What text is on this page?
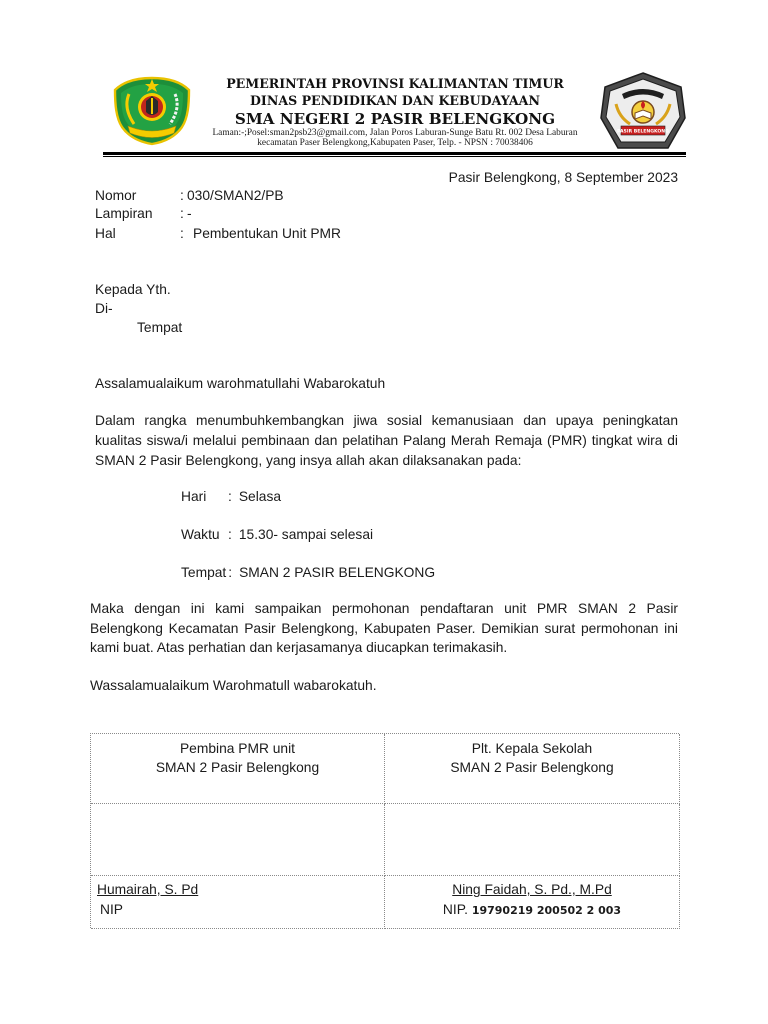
PEMERINTAH PROVINSI KALIMANTAN TIMUR
DINAS PENDIDIKAN DAN KEBUDAYAAN
SMA NEGERI 2 PASIR BELENGKONG
Laman:-;Posel:sman2psb23@gmail.com, Jalan Poros Laburan-Sunge Batu Rt. 002 Desa Laburan
kecamatan Paser Belengkong,Kabupaten Paser, Telp. - NPSN : 70038406
PASIR BELENGKONG
Pasir Belengkong, 8 September 2023
Nomor	: 030/SMAN2/PB
Lampiran : -
Hal	: Pembentukan Unit PMR
Kepada Yth.
Di-
Tempat
Assalamualaikum warohmatullahi Wabarokatuh
Dalam rangka menumbuhkembangkan jiwa sosial kemanusiaan dan upaya peningkatan
kualitas siswa/i melalui pembinaan dan pelatihan Palang Merah Remaja (PMR) tingkat wira di
SMAN 2 Pasir Belengkong, yang insya allah akan dilaksanakan pada:
Hari : Selasa
Waktu : 15.30- sampai selesai
Tempat : SMAN 2 PASIR BELENGKONG
Maka dengan ini kami sampaikan permohonan pendaftaran unit PMR SMAN 2 Pasir
Belengkong Kecamatan Pasir Belengkong, Kabupaten Paser. Demikian surat permohonan ini
kami buat. Atas perhatian dan kerjasamanya diucapkan terimakasih.
Wassalamualaikum Warohmatull wabarokatuh.
Pembina PMR unit
SMAN 2 Pasir Belengkong
Plt. Kepala Sekolah
SMAN 2 Pasir Belengkong
Humairah, S. Pd
NIP
Ning Faidah, S. Pd., M.Pd
NIP. 19790219 200502 2 003
